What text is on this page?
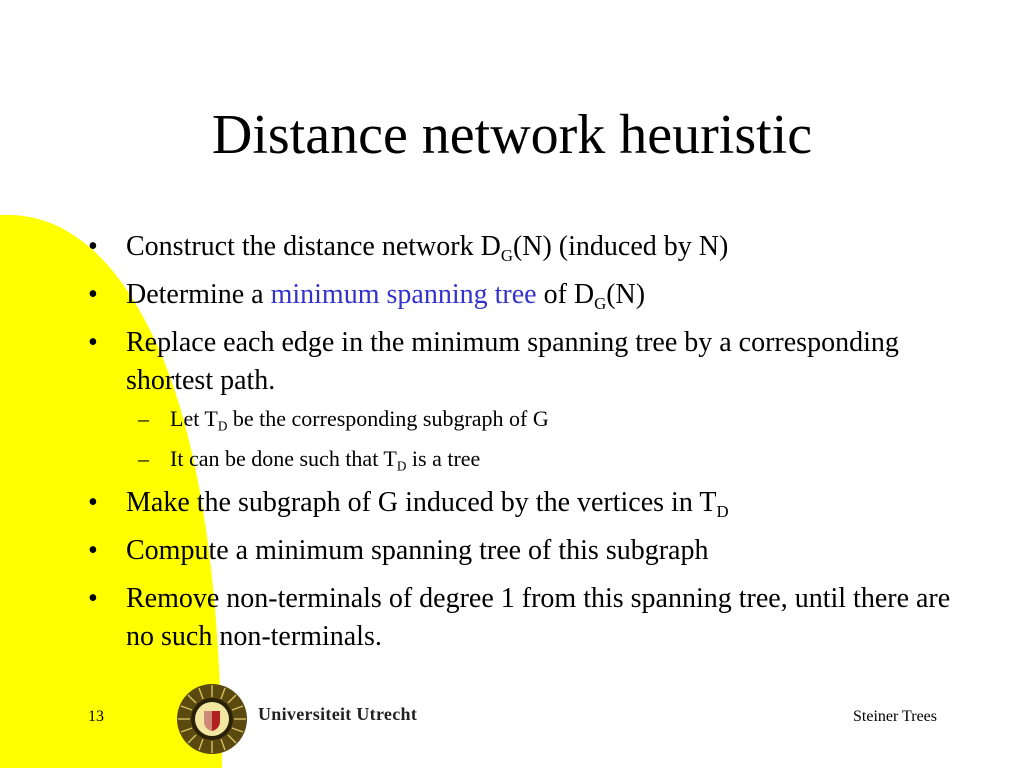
Distance network heuristic
• Construct the distance network $D_G(N)$ (induced by N)
• Determine a minimum spanning tree of $D_G(N)$
• Replace each edge in the minimum spanning tree by a corresponding shortest path.
– Let $T_D$ be the corresponding subgraph of G
– It can be done such that $T_D$ is a tree
• Make the subgraph of G induced by the vertices in $T_D$
• Compute a minimum spanning tree of this subgraph
• Remove non-terminals of degree 1 from this spanning tree, until there are no such non-terminals.
13	Universiteit Utrecht	Steiner Trees
